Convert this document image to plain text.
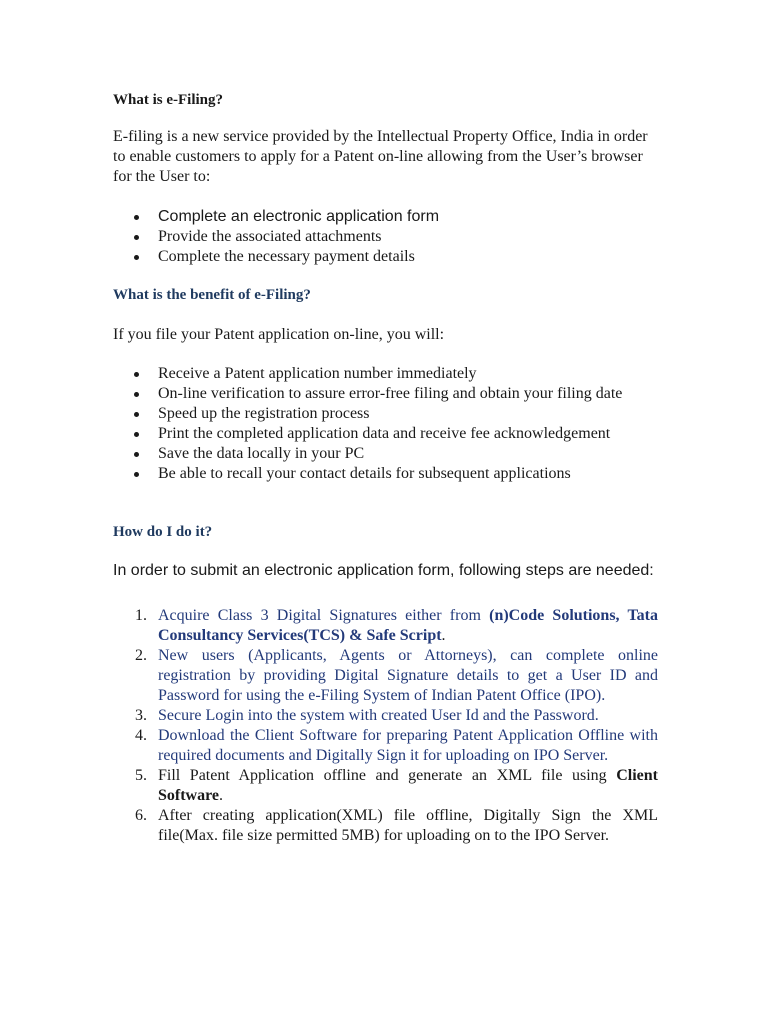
What is e-Filing?
E-filing is a new service provided by the Intellectual Property Office, India in order to enable customers to apply for a Patent on-line allowing from the User’s browser for the User to:
Complete an electronic application form
Provide the associated attachments
Complete the necessary payment details
What is the benefit of e-Filing?
If you file your Patent application on-line, you will:
Receive a Patent application number immediately
On-line verification to assure error-free filing and obtain your filing date
Speed up the registration process
Print the completed application data and receive fee acknowledgement
Save the data locally in your PC
Be able to recall your contact details for subsequent applications
How do I do it?
In order to submit an electronic application form, following steps are needed:
1. Acquire Class 3 Digital Signatures either from (n)Code Solutions, Tata Consultancy Services(TCS) & Safe Script.
2. New users (Applicants, Agents or Attorneys), can complete online registration by providing Digital Signature details to get a User ID and Password for using the e-Filing System of Indian Patent Office (IPO).
3. Secure Login into the system with created User Id and the Password.
4. Download the Client Software for preparing Patent Application Offline with required documents and Digitally Sign it for uploading on IPO Server.
5. Fill Patent Application offline and generate an XML file using Client Software.
6. After creating application(XML) file offline, Digitally Sign the XML file(Max. file size permitted 5MB) for uploading on to the IPO Server.
